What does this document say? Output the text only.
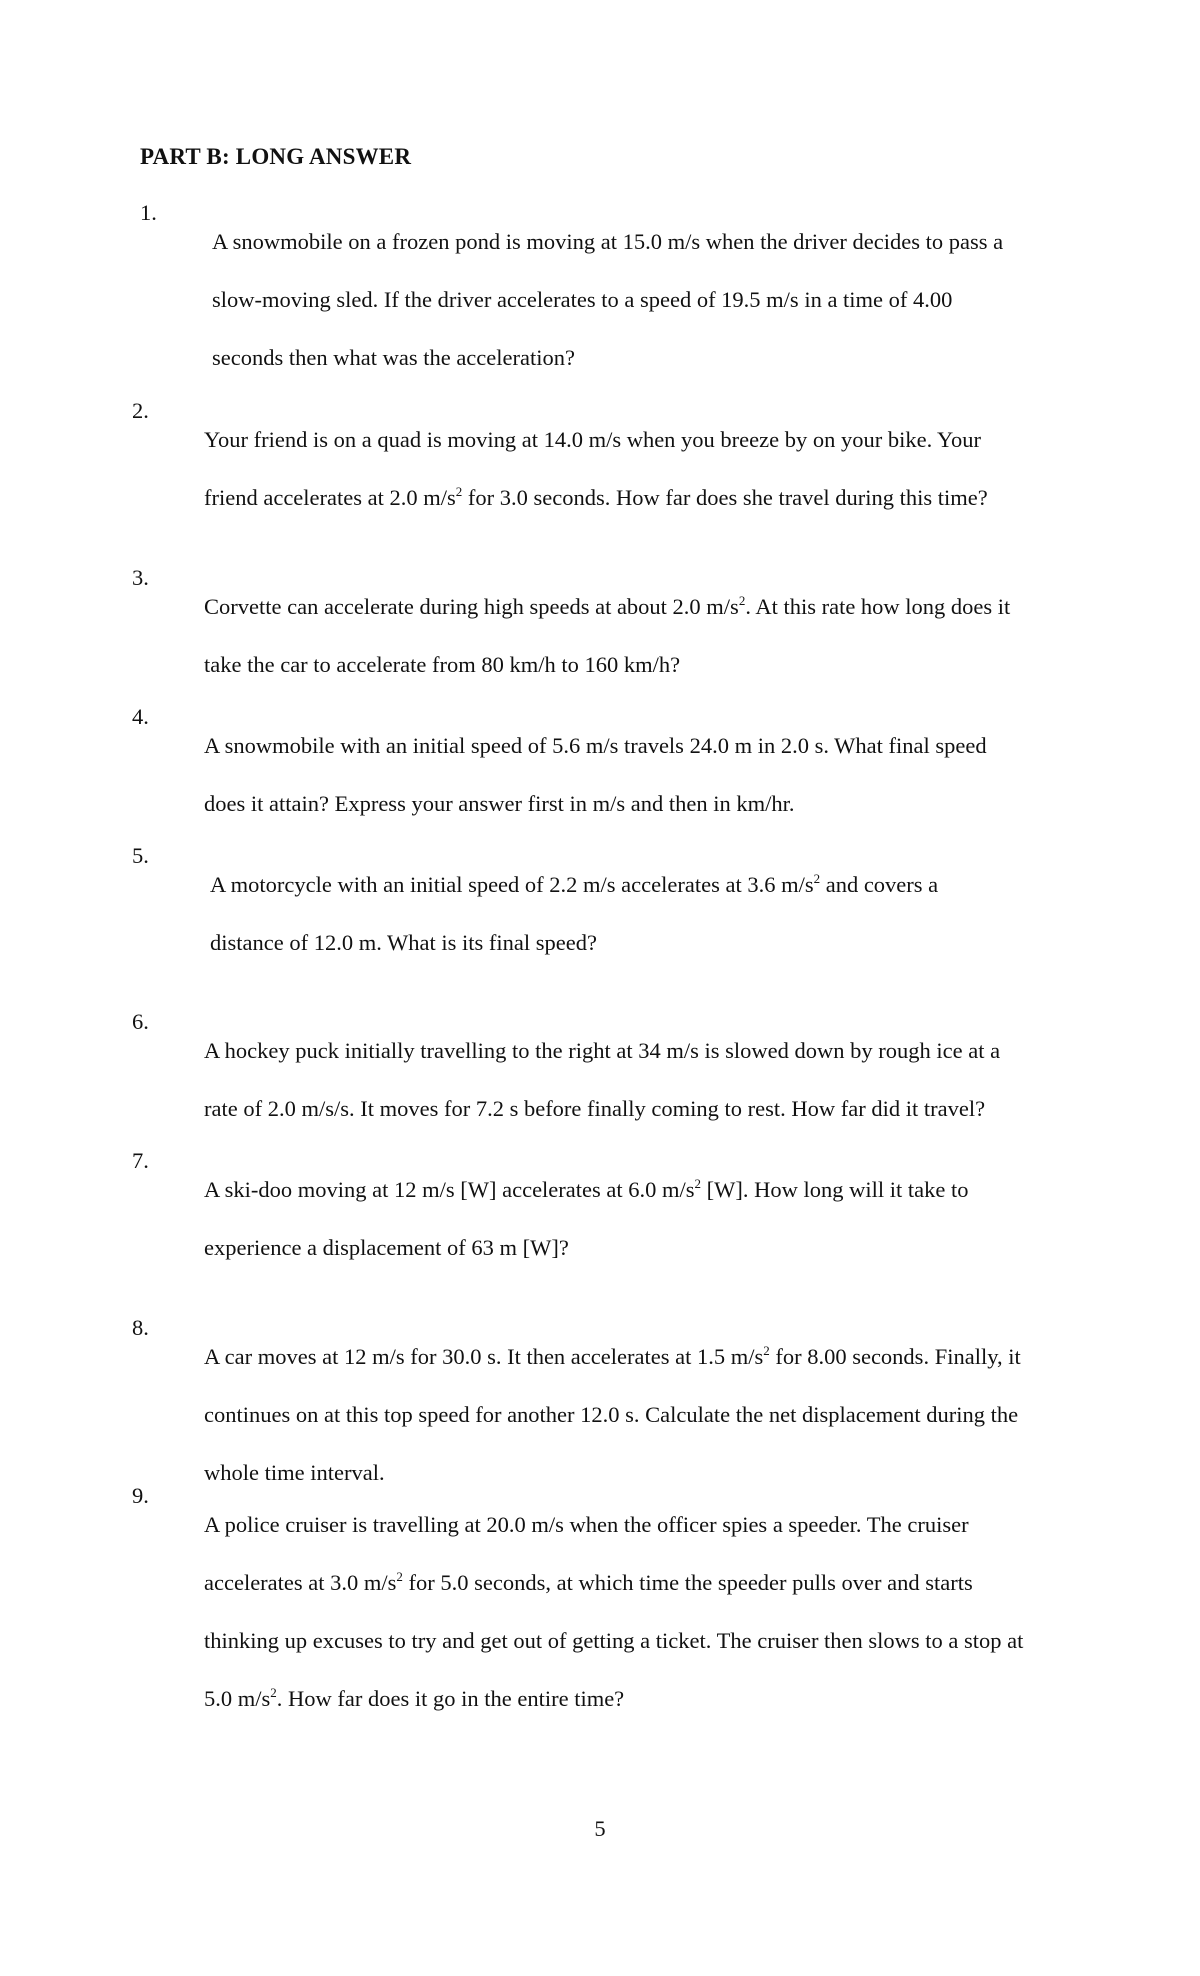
PART B: LONG ANSWER
1.

A snowmobile on a frozen pond is moving at 15.0 m/s when the driver decides to pass a

slow-moving sled. If the driver accelerates to a speed of 19.5 m/s in a time of 4.00

seconds then what was the acceleration?

2.

Your friend is on a quad is moving at 14.0 m/s when you breeze by on your bike. Your

friend accelerates at 2.0 $m/s^2$ for 3.0 seconds. How far does she travel during this time?

3.

Corvette can accelerate during high speeds at about 2.0 $m/s^2$. At this rate how long does it

take the car to accelerate from 80 km/h to 160 km/h?

4.

A snowmobile with an initial speed of 5.6 m/s travels 24.0 m in 2.0 s. What final speed

does it attain? Express your answer first in m/s and then in km/hr.

5.

A motorcycle with an initial speed of 2.2 m/s accelerates at 3.6 $m/s^2$ and covers a

distance of 12.0 m. What is its final speed?

6.

A hockey puck initially travelling to the right at 34 m/s is slowed down by rough ice at a

rate of 2.0 m/s/s. It moves for 7.2 s before finally coming to rest. How far did it travel?

7.

A ski-doo moving at 12 m/s [W] accelerates at 6.0 $m/s^2$ [W]. How long will it take to

experience a displacement of 63 m [W]?

8.

A car moves at 12 m/s for 30.0 s. It then accelerates at 1.5 $m/s^2$ for 8.00 seconds. Finally, it

continues on at this top speed for another 12.0 s. Calculate the net displacement during the

whole time interval.

9.

A police cruiser is travelling at 20.0 m/s when the officer spies a speeder. The cruiser

accelerates at 3.0 $m/s^2$ for 5.0 seconds, at which time the speeder pulls over and starts

thinking up excuses to try and get out of getting a ticket. The cruiser then slows to a stop at

5.0 $m/s^2$. How far does it go in the entire time?

5
